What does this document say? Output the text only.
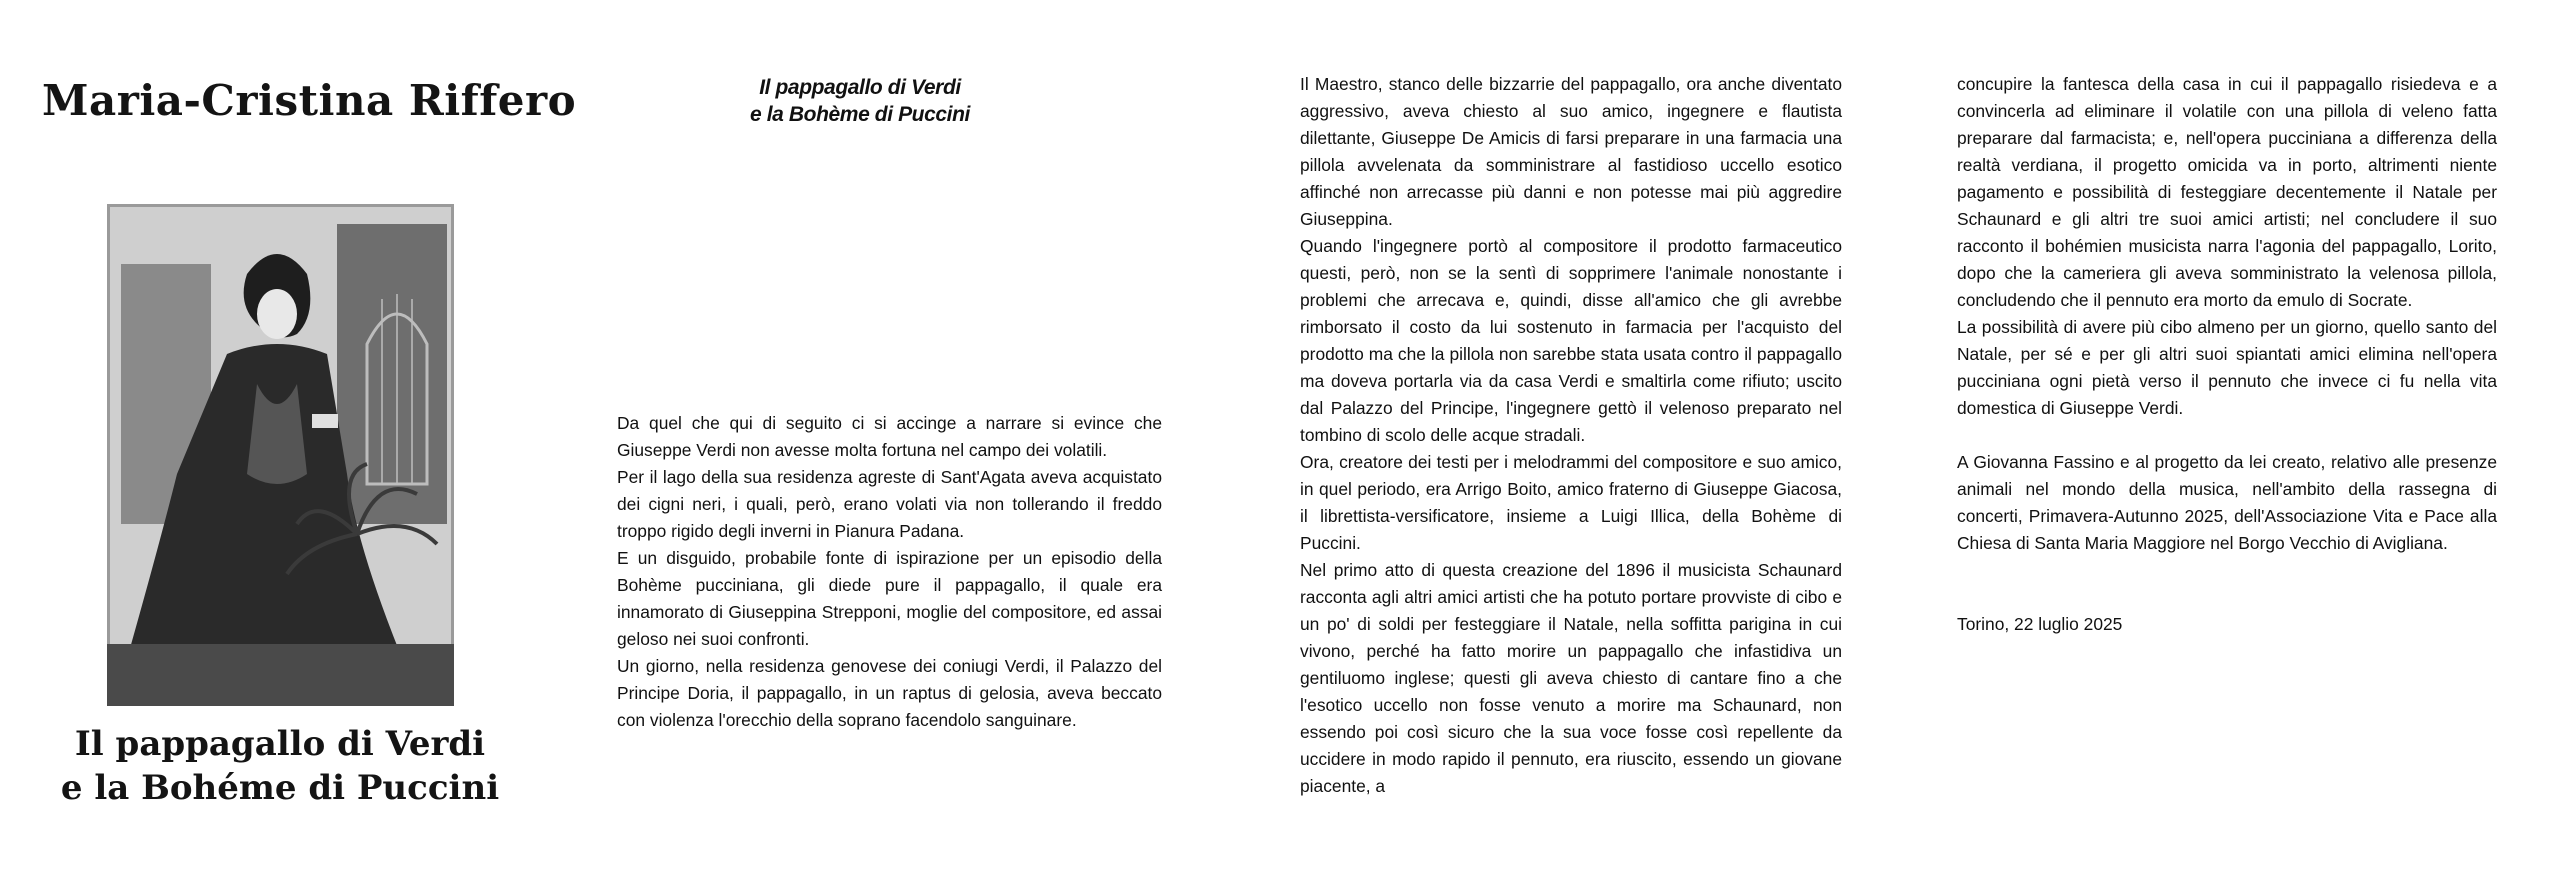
Maria-Cristina Riffero
Il pappagallo di Verdi
e la Bohéme di Puccini
Il pappagallo di Verdi
e la Bohème di Puccini

Da quel che qui di seguito ci si accinge a narrare si evince che Giuseppe Verdi non avesse molta fortuna nel campo dei volatili.

Per il lago della sua residenza agreste di Sant'Agata aveva acquistato dei cigni neri, i quali, però, erano volati via non tollerando il freddo troppo rigido degli inverni in Pianura Padana.

E un disguido, probabile fonte di ispirazione per un episodio della Bohème pucciniana, gli diede pure il pappagallo, il quale era innamorato di Giuseppina Strepponi, moglie del compositore, ed assai geloso nei suoi confronti.

Un giorno, nella residenza genovese dei coniugi Verdi, il Palazzo del Principe Doria, il pappagallo, in un raptus di gelosia, aveva beccato con violenza l'orecchio della soprano facendolo sanguinare.

Il Maestro, stanco delle bizzarrie del pappagallo, ora anche diventato aggressivo, aveva chiesto al suo amico, ingegnere e flautista dilettante, Giuseppe De Amicis di farsi preparare in una farmacia una pillola avvelenata da somministrare al fastidioso uccello esotico affinché non arrecasse più danni e non potesse mai più aggredire Giuseppina.

Quando l'ingegnere portò al compositore il prodotto farmaceutico questi, però, non se la sentì di sopprimere l'animale nonostante i problemi che arrecava e, quindi, disse all'amico che gli avrebbe rimborsato il costo da lui sostenuto in farmacia per l'acquisto del prodotto ma che la pillola non sarebbe stata usata contro il pappagallo ma doveva portarla via da casa Verdi e smaltirla come rifiuto; uscito dal Palazzo del Principe, l'ingegnere gettò il velenoso preparato nel tombino di scolo delle acque stradali.

Ora, creatore dei testi per i melodrammi del compositore e suo amico, in quel periodo, era Arrigo Boito, amico fraterno di Giuseppe Giacosa, il librettista-versificatore, insieme a Luigi Illica, della Bohème di Puccini.

Nel primo atto di questa creazione del 1896 il musicista Schaunard racconta agli altri amici artisti che ha potuto portare provviste di cibo e un po' di soldi per festeggiare il Natale, nella soffitta parigina in cui vivono, perché ha fatto morire un pappagallo che infastidiva un gentiluomo inglese; questi gli aveva chiesto di cantare fino a che l'esotico uccello non fosse venuto a morire ma Schaunard, non essendo poi così sicuro che la sua voce fosse così repellente da uccidere in modo rapido il pennuto, era riuscito, essendo un giovane piacente, a

concupire la fantesca della casa in cui il pappagallo risiedeva e a convincerla ad eliminare il volatile con una pillola di veleno fatta preparare dal farmacista; e, nell'opera pucciniana a differenza della realtà verdiana, il progetto omicida va in porto, altrimenti niente pagamento e possibilità di festeggiare decentemente il Natale per Schaunard e gli altri tre suoi amici artisti; nel concludere il suo racconto il bohémien musicista narra l'agonia del pappagallo, Lorito, dopo che la cameriera gli aveva somministrato la velenosa pillola, concludendo che il pennuto era morto da emulo di Socrate.

La possibilità di avere più cibo almeno per un giorno, quello santo del Natale, per sé e per gli altri suoi spiantati amici elimina nell'opera pucciniana ogni pietà verso il pennuto che invece ci fu nella vita domestica di Giuseppe Verdi.

A Giovanna Fassino e al progetto da lei creato, relativo alle presenze animali nel mondo della musica, nell'ambito della rassegna di concerti, Primavera-Autunno 2025, dell'Associazione Vita e Pace alla Chiesa di Santa Maria Maggiore nel Borgo Vecchio di Avigliana.

Torino, 22 luglio 2025
